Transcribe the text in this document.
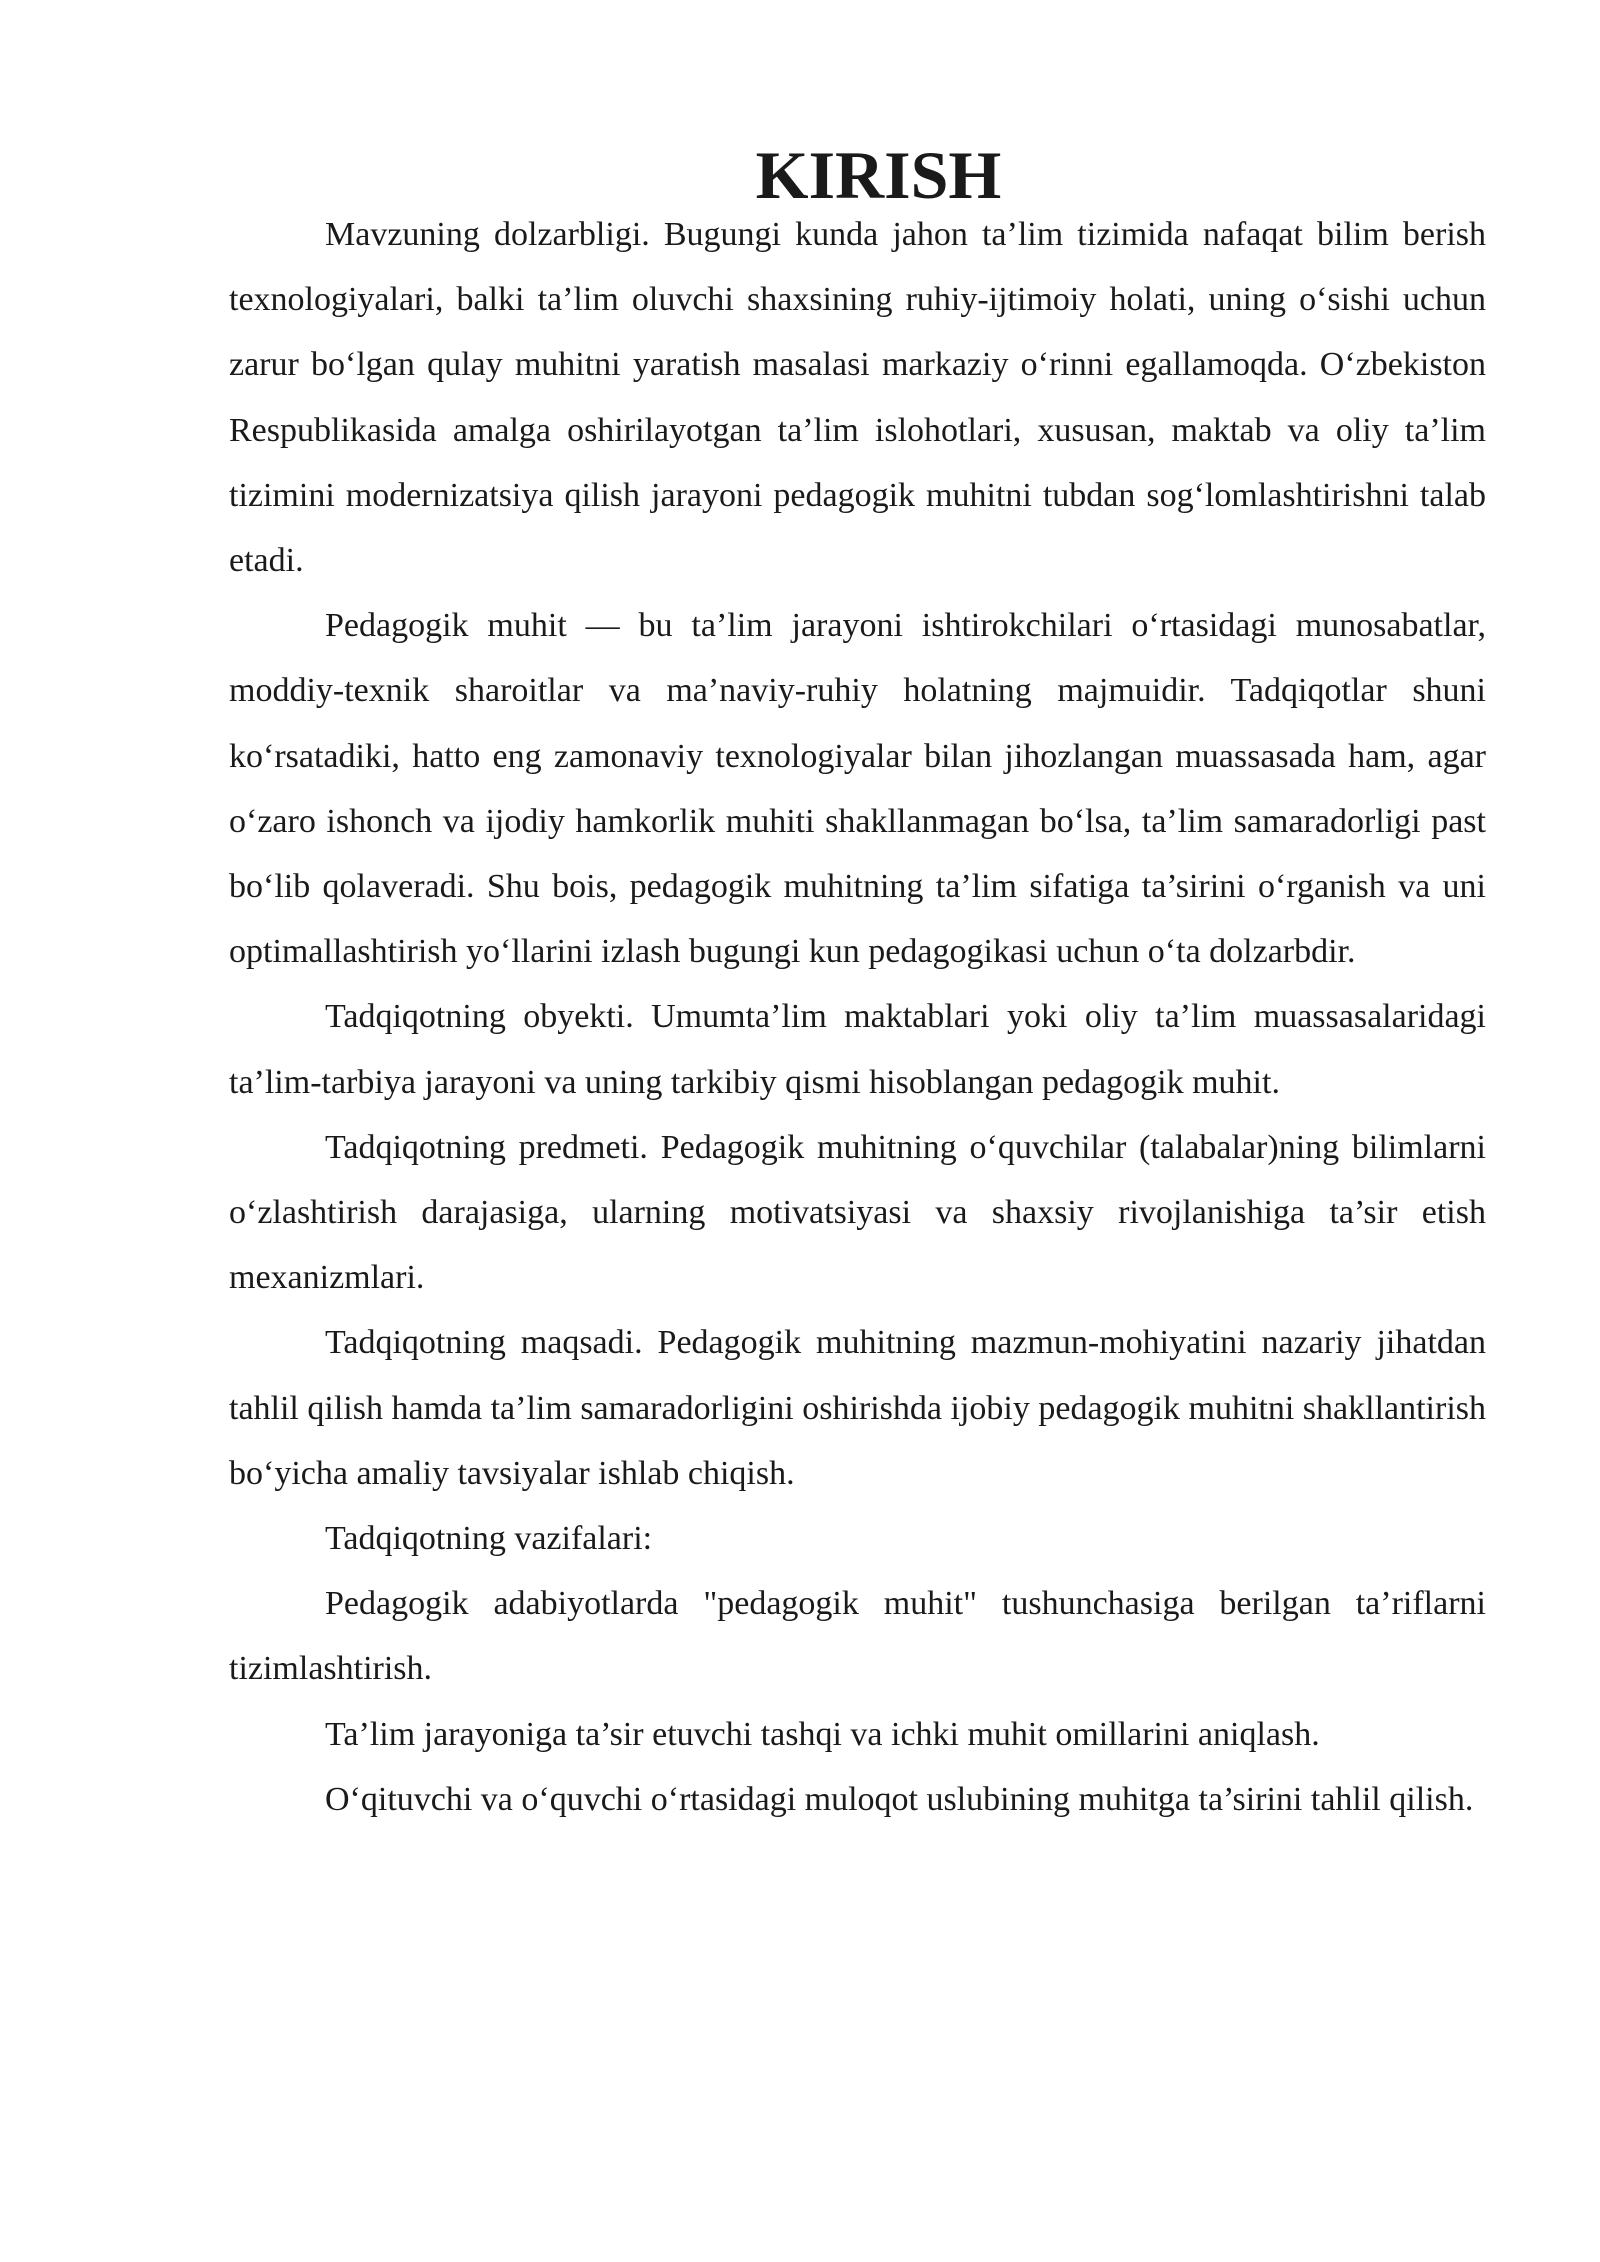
KIRISH

Mavzuning dolzarbligi. Bugungi kunda jahon ta’lim tizimida nafaqat bilim berish texnologiyalari, balki ta’lim oluvchi shaxsining ruhiy-ijtimoiy holati, uning o‘sishi uchun zarur bo‘lgan qulay muhitni yaratish masalasi markaziy o‘rinni egallamoqda. O‘zbekiston Respublikasida amalga oshirilayotgan ta’lim islohotlari, xususan, maktab va oliy ta’lim tizimini modernizatsiya qilish jarayoni pedagogik muhitni tubdan sog‘lomlashtirishni talab etadi.

Pedagogik muhit — bu ta’lim jarayoni ishtirokchilari o‘rtasidagi munosabatlar, moddiy-texnik sharoitlar va ma’naviy-ruhiy holatning majmuidir. Tadqiqotlar shuni ko‘rsatadiki, hatto eng zamonaviy texnologiyalar bilan jihozlangan muassasada ham, agar o‘zaro ishonch va ijodiy hamkorlik muhiti shakllanmagan bo‘lsa, ta’lim samaradorligi past bo‘lib qolaveradi. Shu bois, pedagogik muhitning ta’lim sifatiga ta’sirini o‘rganish va uni optimallashtirish yo‘llarini izlash bugungi kun pedagogikasi uchun o‘ta dolzarbdir.

Tadqiqotning obyekti. Umumta’lim maktablari yoki oliy ta’lim muassasalaridagi ta’lim-tarbiya jarayoni va uning tarkibiy qismi hisoblangan pedagogik muhit.

Tadqiqotning predmeti. Pedagogik muhitning o‘quvchilar (talabalar)ning bilimlarni o‘zlashtirish darajasiga, ularning motivatsiyasi va shaxsiy rivojlanishiga ta’sir etish mexanizmlari.

Tadqiqotning maqsadi. Pedagogik muhitning mazmun-mohiyatini nazariy jihatdan tahlil qilish hamda ta’lim samaradorligini oshirishda ijobiy pedagogik muhitni shakllantirish bo‘yicha amaliy tavsiyalar ishlab chiqish.

Tadqiqotning vazifalari:

Pedagogik adabiyotlarda "pedagogik muhit" tushunchasiga berilgan ta’riflarni tizimlashtirish.

Ta’lim jarayoniga ta’sir etuvchi tashqi va ichki muhit omillarini aniqlash.

O‘qituvchi va o‘quvchi o‘rtasidagi muloqot uslubining muhitga ta’sirini tahlil qilish.
